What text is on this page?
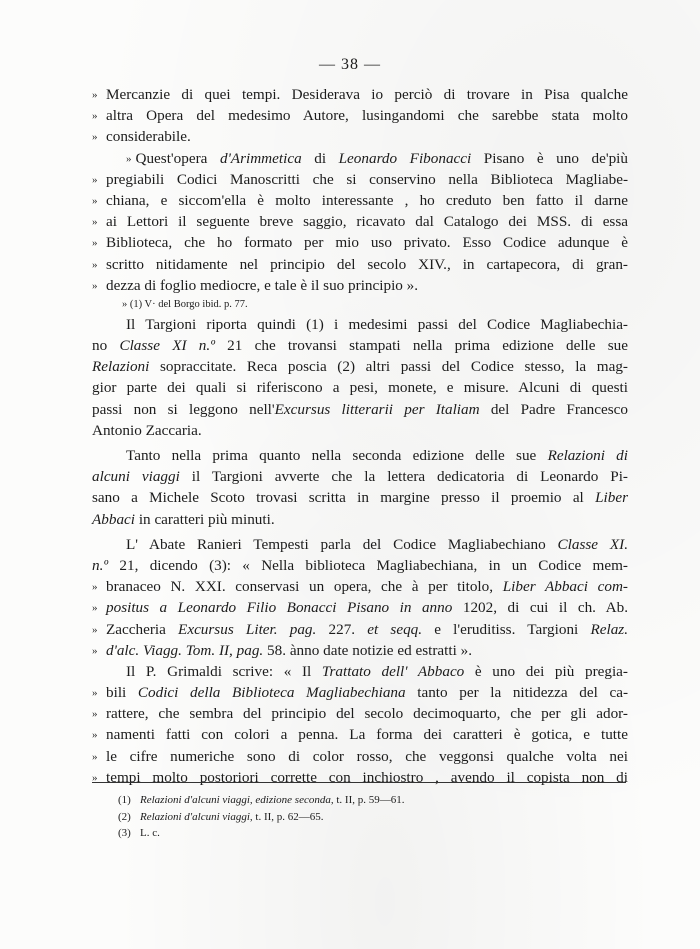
— 38 —
» Mercanzie di quei tempi. Desiderava io perciò di trovare in Pisa qualche
» altra Opera del medesimo Autore, lusingandomi che sarebbe stata molto
» considerabile.
» Quest'opera d'Arimmetica di Leonardo Fibonacci Pisano è uno de'più
» pregiabili Codici Manoscritti che si conservino nella Biblioteca Magliabe-
» chiana, e siccom'ella è molto interessante , ho creduto ben fatto il darne
» ai Lettori il seguente breve saggio, ricavato dal Catalogo dei MSS. di essa
» Biblioteca, che ho formato per mio uso privato. Esso Codice adunque è
» scritto nitidamente nel principio del secolo XIV., in cartapecora, di gran-
» dezza di foglio mediocre, e tale è il suo principio ».
» (1) V· del Borgo ibid. p. 77.
Il Targioni riporta quindi (1) i medesimi passi del Codice Magliabechia-
no Classe XI n.º 21 che trovansi stampati nella prima edizione delle sue
Relazioni sopraccitate. Reca poscia (2) altri passi del Codice stesso, la mag-
gior parte dei quali si riferiscono a pesi, monete, e misure. Alcuni di questi
passi non si leggono nell'Excursus litterarii per Italiam del Padre Francesco
Antonio Zaccaria.
Tanto nella prima quanto nella seconda edizione delle sue Relazioni di
alcuni viaggi il Targioni avverte che la lettera dedicatoria di Leonardo Pi-
sano a Michele Scoto trovasi scritta in margine presso il proemio al Liber
Abbaci in caratteri più minuti.
L' Abate Ranieri Tempesti parla del Codice Magliabechiano Classe XI.
n.º 21, dicendo (3): « Nella biblioteca Magliabechiana, in un Codice mem-
» branaceo N. XXI. conservasi un opera, che à per titolo, Liber Abbaci com-
» positus a Leonardo Filio Bonacci Pisano in anno 1202, di cui il ch. Ab.
» Zaccheria Excursus Liter. pag. 227. et seqq. e l'eruditiss. Targioni Relaz.
» d'alc. Viagg. Tom. II, pag. 58. ànno date notizie ed estratti ».
Il P. Grimaldi scrive: « Il Trattato dell' Abbaco è uno dei più pregia-
» bili Codici della Biblioteca Magliabechiana tanto per la nitidezza del ca-
» rattere, che sembra del principio del secolo decimoquarto, che per gli ador-
» namenti fatti con colori a penna. La forma dei caratteri è gotica, e tutte
» le cifre numeriche sono di color rosso, che veggonsi qualche volta nei
» tempi molto postoriori corrette con inchiostro , avendo il copista non di
(1) Relazioni d'alcuni viaggi, edizione seconda, t. II, p. 59—61.
(2) Relazioni d'alcuni viaggi, t. II, p. 62—65.
(3) L. c.
